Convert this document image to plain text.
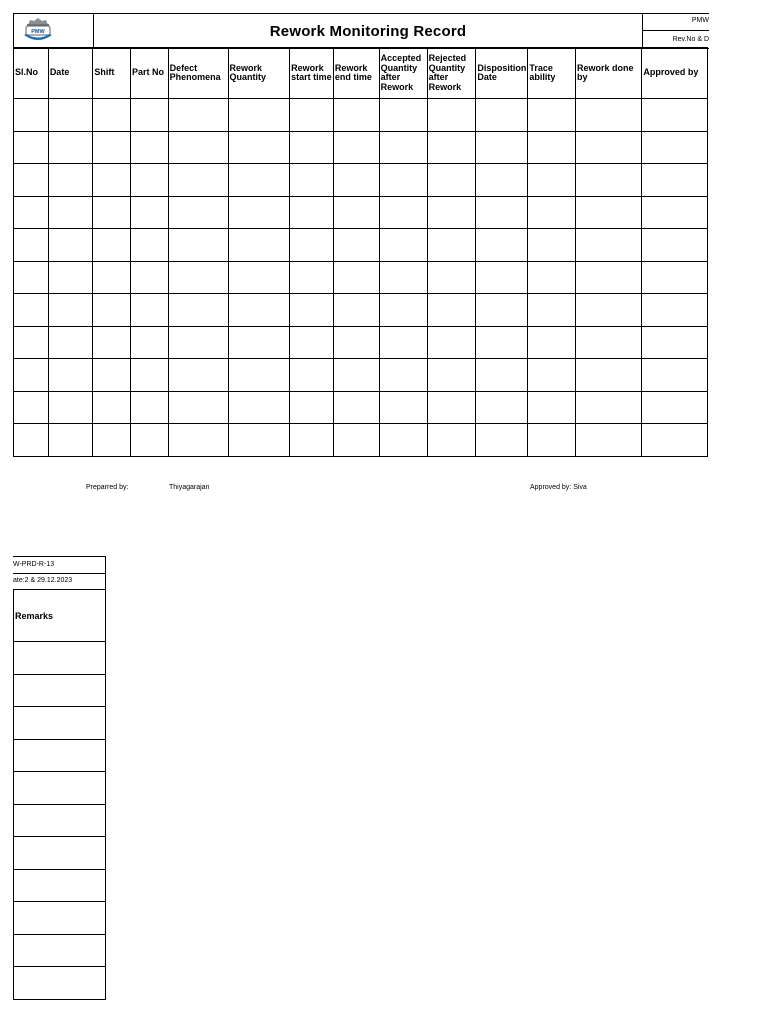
PMW	Rework Monitoring Record
PMW
Rev.No & D
Sl.No	Date	Shift	Part No	Defect Phenomena	Rework Quantity	Rework start time	Rework end time	Accepted Quantity after Rework	Rejected Quantity after Rework	Disposition Date	Trace ability	Rework done by	Approved by

Preparred by:	Thiyagarajan	Approved by: Siva
W-PRD-R-13
ate:2 & 29.12.2023
Remarks
